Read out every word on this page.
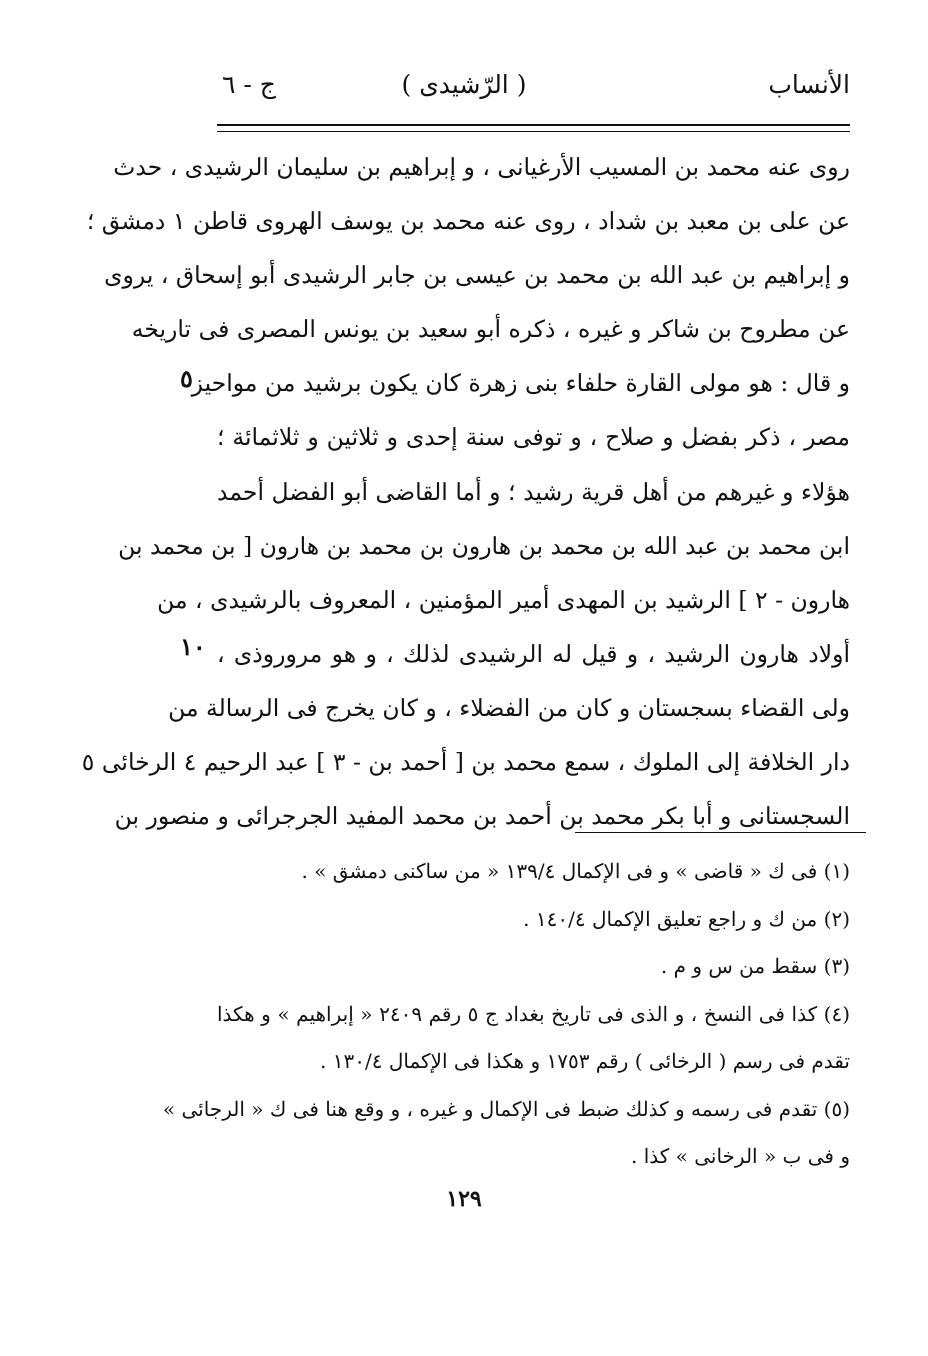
الأنساب
( الرّشيدى )
ج - ٦
روى عنه محمد بن المسيب الأرغيانى ، و إبراهيم بن سليمان الرشيدى ، حدث
عن على بن معبد بن شداد ، روى عنه محمد بن يوسف الهروى قاطن ١ دمشق ؛
و إبراهيم بن عبد الله بن محمد بن عيسى بن جابر الرشيدى أبو إسحاق ، يروى
عن مطروح بن شاكر و غيره ، ذكره أبو سعيد بن يونس المصرى فى تاريخه
و قال : هو مولى القارة حلفاء بنى زهرة كان يكون برشيد من مواحيز
مصر ، ذكر بفضل و صلاح ، و توفى سنة إحدى و ثلاثين و ثلاثمائة ؛
هؤلاء و غيرهم من أهل قرية رشيد ؛ و أما القاضى أبو الفضل أحمد
ابن محمد بن عبد الله بن محمد بن هارون بن محمد بن هارون [ بن محمد بن
هارون - ٢ ] الرشيد بن المهدى أمير المؤمنين ، المعروف بالرشيدى ، من
أولاد هارون الرشيد ، و قيل له الرشيدى لذلك ، و هو مروروذى ،
ولى القضاء بسجستان و كان من الفضلاء ، و كان يخرج فى الرسالة من
دار الخلافة إلى الملوك ، سمع محمد بن [ أحمد بن - ٣ ] عبد الرحيم ٤ الرخائى ٥
السجستانى و أبا بكر محمد بن أحمد بن محمد المفيد الجرجرائى و منصور بن
٥
١٠
(١) فى ك « قاضى » و فى الإكمال ١٣٩/٤ « من ساكنى دمشق » .
(٢) من ك و راجع تعليق الإكمال ١٤٠/٤ .
(٣) سقط من س و م .
(٤) كذا فى النسخ ، و الذى فى تاريخ بغداد ج ٥ رقم ٢٤٠٩ « إبراهيم » و هكذا
تقدم فى رسم ( الرخائى ) رقم ١٧٥٣ و هكذا فى الإكمال ١٣٠/٤ .
(٥) تقدم فى رسمه و كذلك ضبط فى الإكمال و غيره ، و وقع هنا فى ك « الرجائى »
و فى ب « الرخانى » كذا .
١٢٩
